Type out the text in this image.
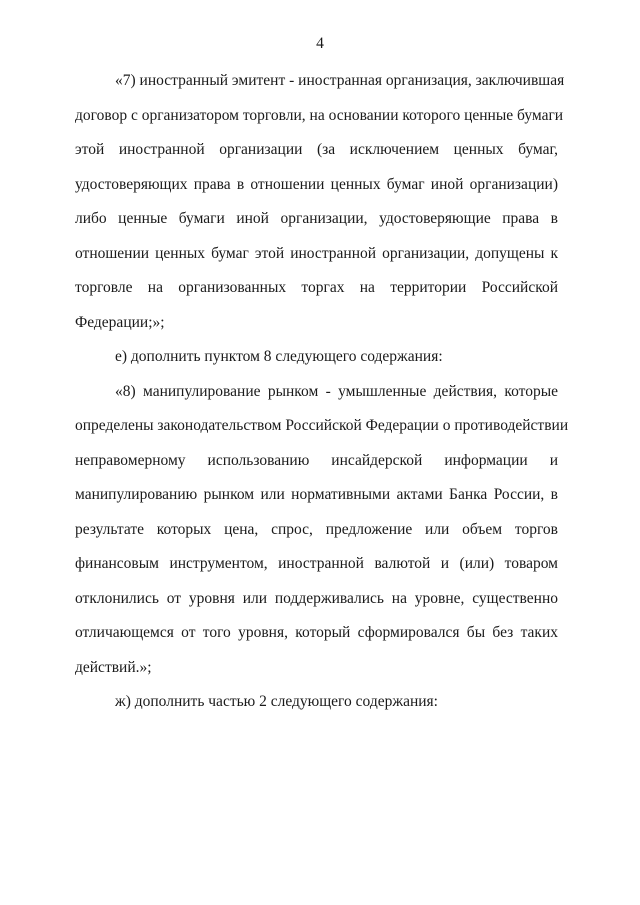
4
«7) иностранный эмитент - иностранная организация, заключившая
договор с организатором торговли, на основании которого ценные бумаги
этой иностранной организации (за исключением ценных бумаг,
удостоверяющих права в отношении ценных бумаг иной организации)
либо ценные бумаги иной организации, удостоверяющие права в
отношении ценных бумаг этой иностранной организации, допущены к
торговле на организованных торгах на территории Российской
Федерации;»;
е) дополнить пунктом 8 следующего содержания:
«8) манипулирование рынком - умышленные действия, которые
определены законодательством Российской Федерации о противодействии
неправомерному использованию инсайдерской информации и
манипулированию рынком или нормативными актами Банка России, в
результате которых цена, спрос, предложение или объем торгов
финансовым инструментом, иностранной валютой и (или) товаром
отклонились от уровня или поддерживались на уровне, существенно
отличающемся от того уровня, который сформировался бы без таких
действий.»;
ж) дополнить частью 2 следующего содержания:
